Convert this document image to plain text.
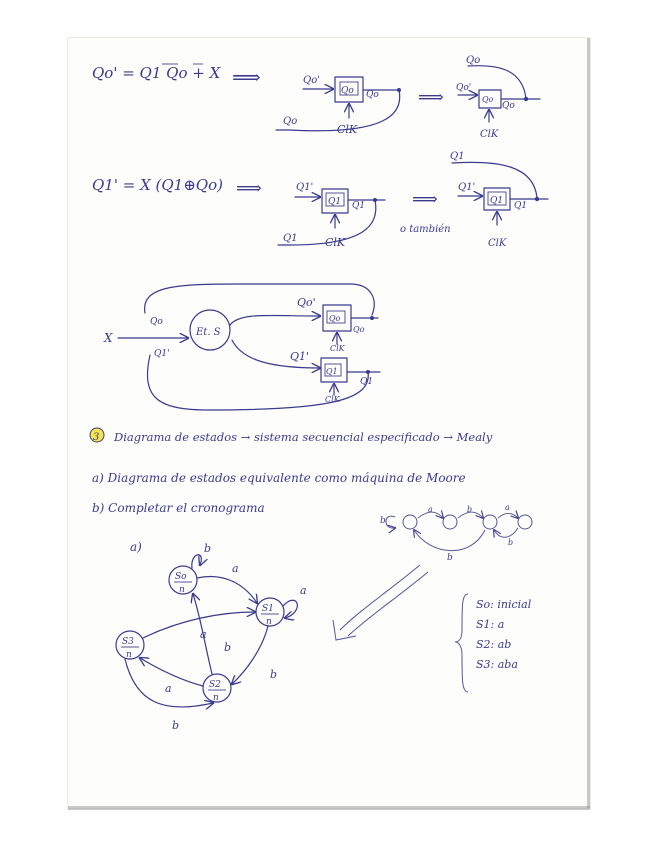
Qo' = Q1 Qo + X ⟹
Qo Qo
Qo'
Qo
ClK
⟹
Qo
Qo
Qo
Qo'
ClK
Q1' = X (Q1⊕Qo) ⟹
Q1 Q1
Q1'
Q1 ClK
⟹
o también
Q1
Q1 Q1
Q1'
ClK
Et. S
X
Qo
Q1'
Qo'
Qo
Qo
ClK
Q1'
Q1
Q1
ClK
3 Diagrama de estados → sistema secuencial especificado → Mealy
a) Diagrama de estados equivalente como máquina de Moore
b) Completar el cronograma
a)
b
a	b	a
b
b
So
n
b
S1
n
a
S3
n
S2
n
a
a
b
b
a
b
So: inicial
S1: a
S2: ab
S3: aba
